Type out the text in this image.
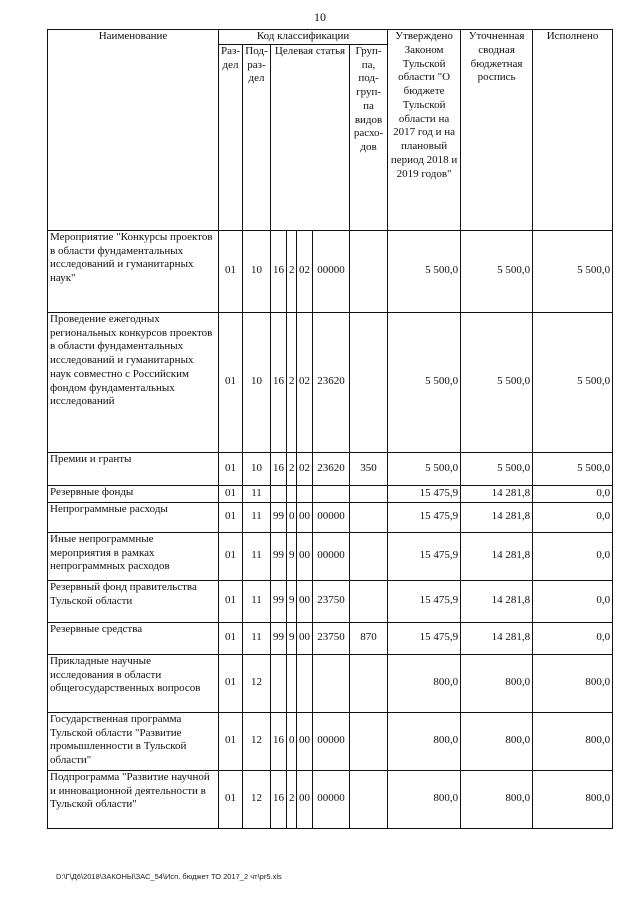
10
Наименование	Код классификации							Утверждено Законом Тульской области "О бюджете Тульской области на 2017 год и на плановый период 2018 и 2019 годов"	Уточненная сводная бюджетная роспись	Исполнено
	Раз-дел	Под-раз-дел	Целевая статья				Груп-па, под-груп-па видов расхо-дов			
Мероприятие "Конкурсы проектов в области фундаментальных исследований и гуманитарных наук"	01	10	16	2	02	00000		5 500,0	5 500,0	5 500,0
Проведение ежегодных региональных конкурсов проектов в области фундаментальных исследований и гуманитарных наук совместно с Российским фондом фундаментальных исследований	01	10	16	2	02	23620		5 500,0	5 500,0	5 500,0
Премии и гранты	01	10	16	2	02	23620	350	5 500,0	5 500,0	5 500,0
Резервные фонды	01	11						15 475,9	14 281,8	0,0
Непрограммные расходы	01	11	99	0	00	00000		15 475,9	14 281,8	0,0
Иные непрограммные мероприятия в рамках непрограммных расходов	01	11	99	9	00	00000		15 475,9	14 281,8	0,0
Резервный фонд правительства Тульской области	01	11	99	9	00	23750		15 475,9	14 281,8	0,0
Резервные средства	01	11	99	9	00	23750	870	15 475,9	14 281,8	0,0
Прикладные научные исследования в области общегосударственных вопросов	01	12						800,0	800,0	800,0
Государственная программа Тульской области "Развитие промышленности в Тульской области"	01	12	16	0	00	00000		800,0	800,0	800,0
Подпрограмма "Развитие научной и инновационной деятельности в Тульской области"	01	12	16	2	00	00000		800,0	800,0	800,0
D:\Г\Д6\2018\ЗАКОНЫ\ЗАС_54\Исп. бюджет ТО 2017_2 чт\pr5.xls
